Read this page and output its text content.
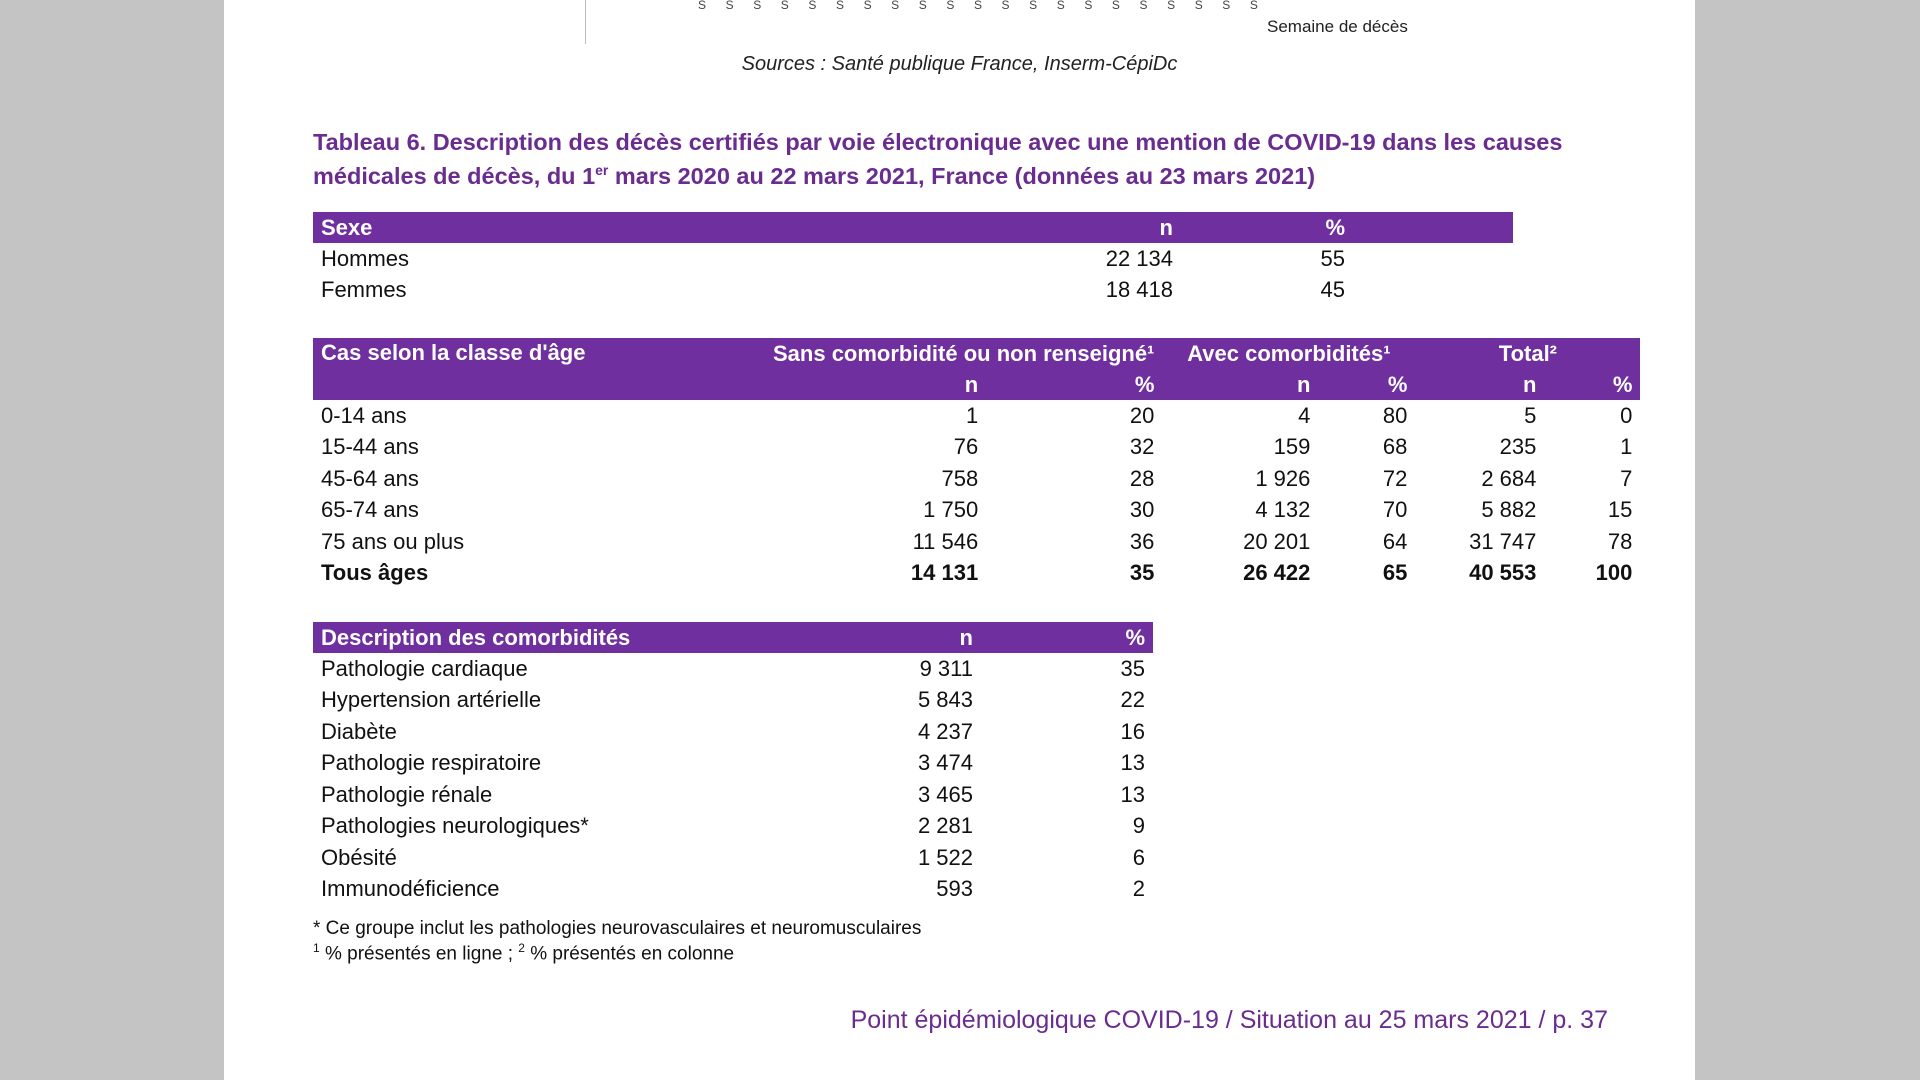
S	S	S	S	S	S	S	S	S	S	S	S	S	S	S	S	S	S	S	S	S
Semaine de décès
Sources : Santé publique France, Inserm-CépiDc
Tableau 6. Description des décès certifiés par voie électronique avec une mention de COVID-19 dans les causes médicales de décès, du 1er mars 2020 au 22 mars 2021, France (données au 23 mars 2021)
Sexe	n	%	
Hommes	22 134	55	
Femmes	18 418	45	
Cas selon la classe d'âge	Sans comorbidité ou non renseigné¹		Avec comorbidités¹		Total²	
	n	%	n	%	n	%
0-14 ans	1	20	4	80	5	0
15-44 ans	76	32	159	68	235	1
45-64 ans	758	28	1 926	72	2 684	7
65-74 ans	1 750	30	4 132	70	5 882	15
75 ans ou plus	11 546	36	20 201	64	31 747	78
Tous âges	14 131	35	26 422	65	40 553	100
Description des comorbidités	n	%
Pathologie cardiaque	9 311	35
Hypertension artérielle	5 843	22
Diabète	4 237	16
Pathologie respiratoire	3 474	13
Pathologie rénale	3 465	13
Pathologies neurologiques*	2 281	9
Obésité	1 522	6
Immunodéficience	593	2
* Ce groupe inclut les pathologies neurovasculaires et neuromusculaires
$^1$ % présentés en ligne ; $^2$ % présentés en colonne
Point épidémiologique COVID-19 / Situation au 25 mars 2021 / p. 37
